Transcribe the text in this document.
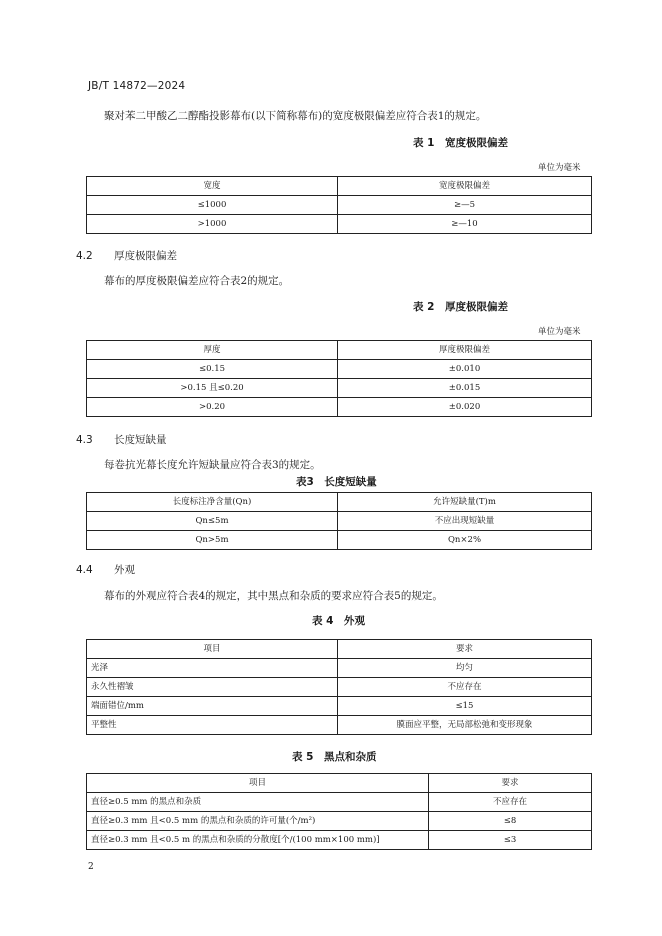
JB/T 14872—2024
聚对苯二甲酸乙二醇酯投影幕布(以下简称幕布)的宽度极限偏差应符合表1的规定。
表 1　宽度极限偏差
单位为毫米
宽度	宽度极限偏差
≤1000	≥—5
>1000	≥—10
4.2 厚度极限偏差
幕布的厚度极限偏差应符合表2的规定。
表 2　厚度极限偏差
单位为毫米
厚度	厚度极限偏差
≤0.15	±0.010
>0.15 且≤0.20	±0.015
>0.20	±0.020
4.3 长度短缺量
每卷抗光幕长度允许短缺量应符合表3的规定。
表3　长度短缺量
长度标注净含量(Qn)	允许短缺量(T)m
Qn≤5m	不应出现短缺量
Qn>5m	Qn×2%
4.4 外观
幕布的外观应符合表4的规定，其中黑点和杂质的要求应符合表5的规定。
表 4　外观
项目	要求
光泽	均匀
永久性褶皱	不应存在
端面错位/mm	≤15
平整性	膜面应平整，无局部松弛和变形现象
表 5　黑点和杂质
项目	要求
直径≥0.5 mm 的黑点和杂质	不应存在
直径≥0.3 mm 且<0.5 mm 的黑点和杂质的许可量(个/m²)	≤8
直径≥0.3 mm 且<0.5 m 的黑点和杂质的分散度[个/(100 mm×100 mm)]	≤3
2
